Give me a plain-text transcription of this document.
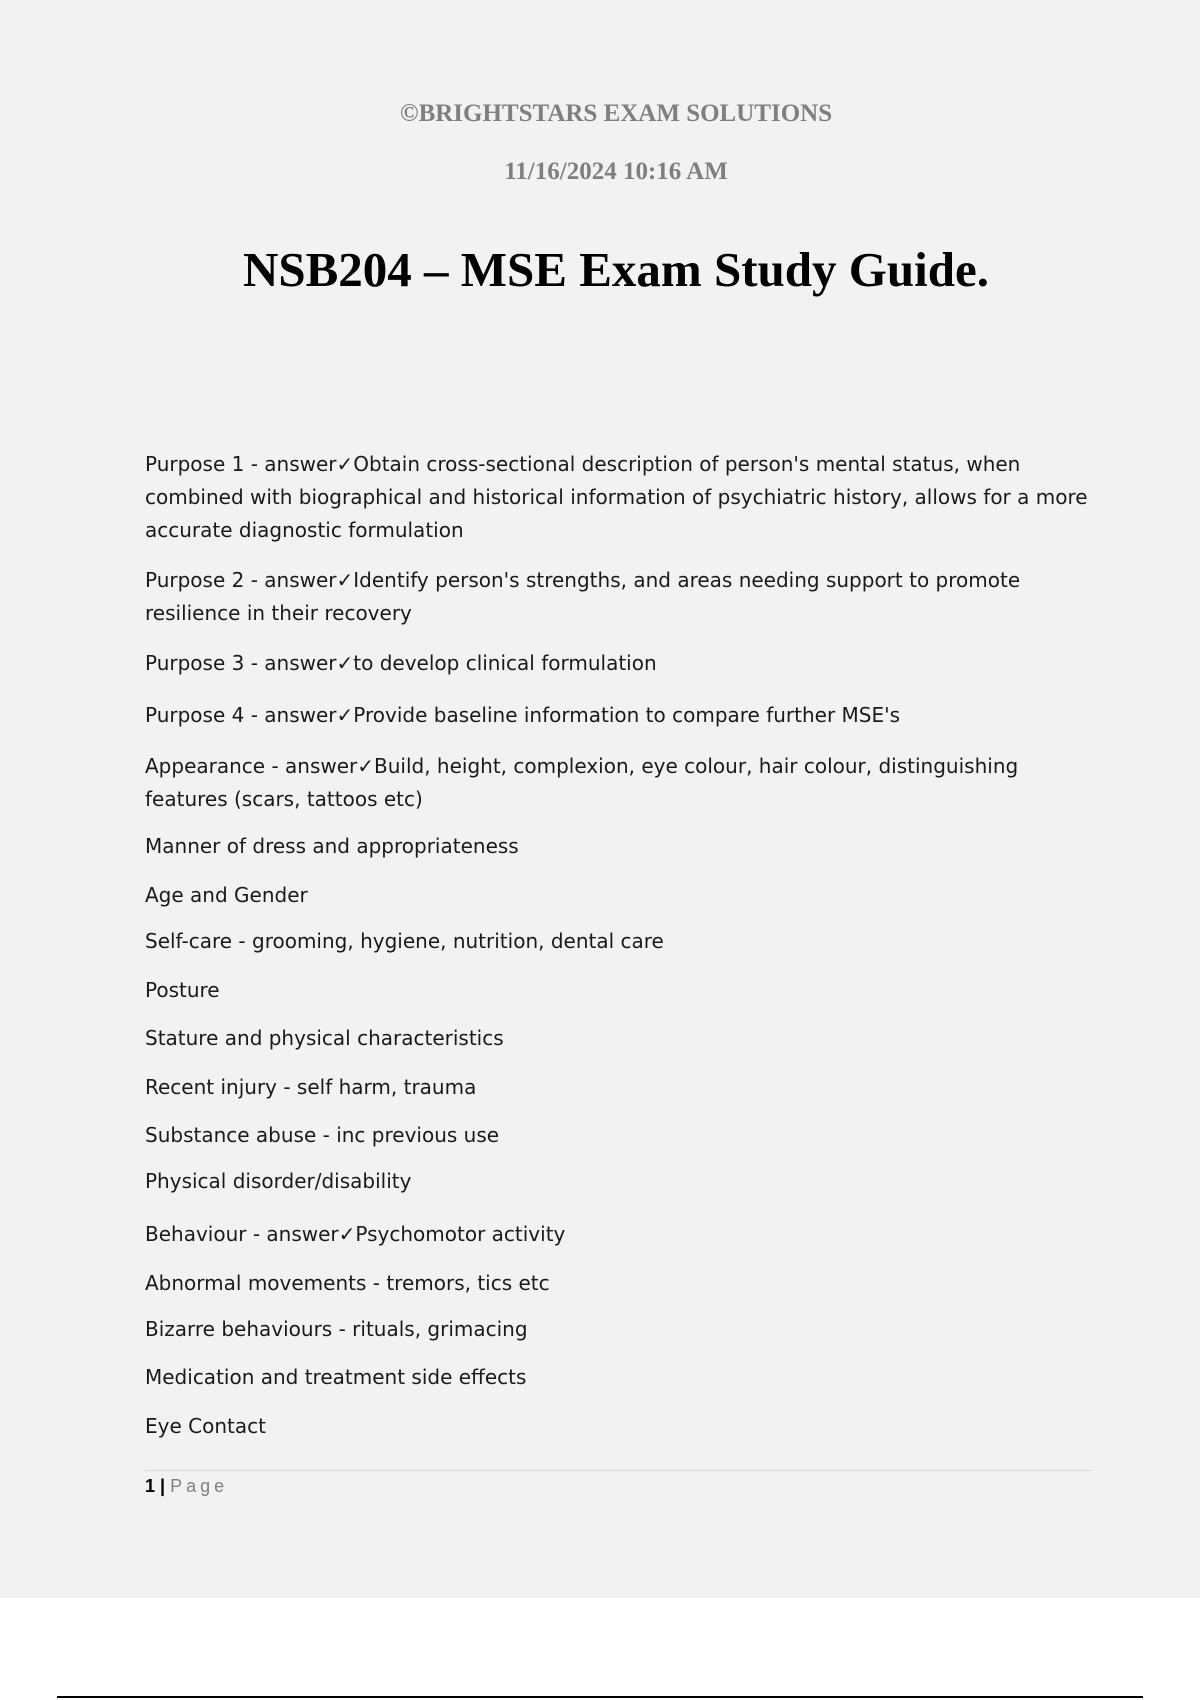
©BRIGHTSTARS EXAM SOLUTIONS
11/16/2024 10:16 AM
NSB204 – MSE Exam Study Guide.

Purpose 1 - answer✓Obtain cross-sectional description of person's mental status, when combined with biographical and historical information of psychiatric history, allows for a more accurate diagnostic formulation

Purpose 2 - answer✓Identify person's strengths, and areas needing support to promote resilience in their recovery

Purpose 3 - answer✓to develop clinical formulation

Purpose 4 - answer✓Provide baseline information to compare further MSE's

Appearance - answer✓Build, height, complexion, eye colour, hair colour, distinguishing features (scars, tattoos etc)

Manner of dress and appropriateness

Age and Gender

Self-care - grooming, hygiene, nutrition, dental care

Posture

Stature and physical characteristics

Recent injury - self harm, trauma

Substance abuse - inc previous use

Physical disorder/disability

Behaviour - answer✓Psychomotor activity

Abnormal movements - tremors, tics etc

Bizarre behaviours - rituals, grimacing

Medication and treatment side effects

Eye Contact

1 | Page
